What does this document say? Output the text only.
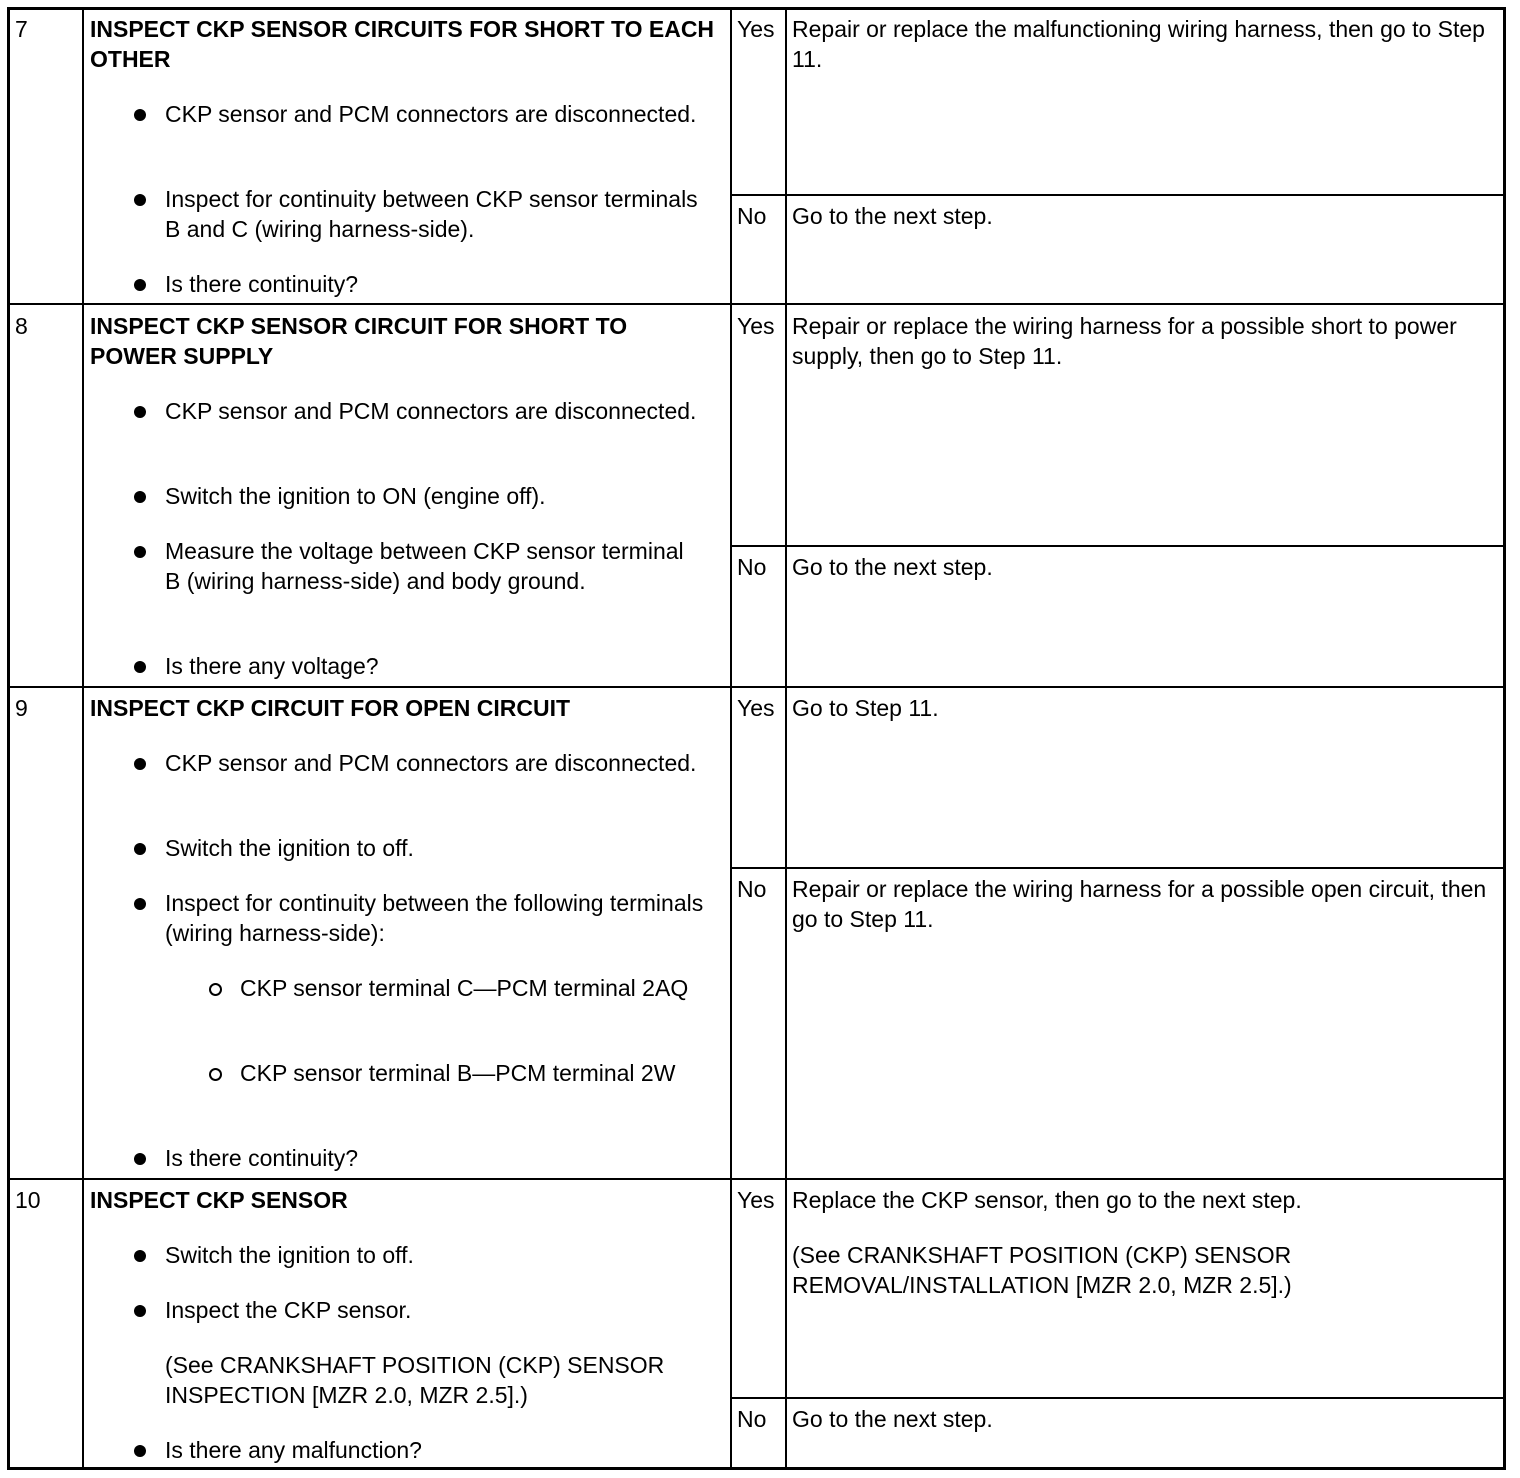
7	INSPECT CKP SENSOR CIRCUITS FOR SHORT TO EACH OTHER
CKP sensor and PCM connectors are disconnected.
Inspect for continuity between CKP sensor terminals B and C (wiring harness-side).
Is there continuity?
Yes Repair or replace the malfunctioning wiring harness, then go to Step 11.
No Go to the next step.
8	INSPECT CKP SENSOR CIRCUIT FOR SHORT TO POWER SUPPLY
CKP sensor and PCM connectors are disconnected.
Switch the ignition to ON (engine off).
Measure the voltage between CKP sensor terminal B (wiring harness-side) and body ground.
Is there any voltage?
Yes Repair or replace the wiring harness for a possible short to power supply, then go to Step 11.
No Go to the next step.
9	INSPECT CKP CIRCUIT FOR OPEN CIRCUIT
CKP sensor and PCM connectors are disconnected.
Switch the ignition to off.
Inspect for continuity between the following terminals (wiring harness-side):
CKP sensor terminal C—PCM terminal 2AQ
CKP sensor terminal B—PCM terminal 2W
Is there continuity?
Yes Go to Step 11.
No Repair or replace the wiring harness for a possible open circuit, then go to Step 11.
10 INSPECT CKP SENSOR
Switch the ignition to off.
Inspect the CKP sensor.
(See CRANKSHAFT POSITION (CKP) SENSOR INSPECTION [MZR 2.0, MZR 2.5].)
Is there any malfunction?
Yes Replace the CKP sensor, then go to the next step.
(See CRANKSHAFT POSITION (CKP) SENSOR REMOVAL/INSTALLATION [MZR 2.0, MZR 2.5].)
No Go to the next step.
